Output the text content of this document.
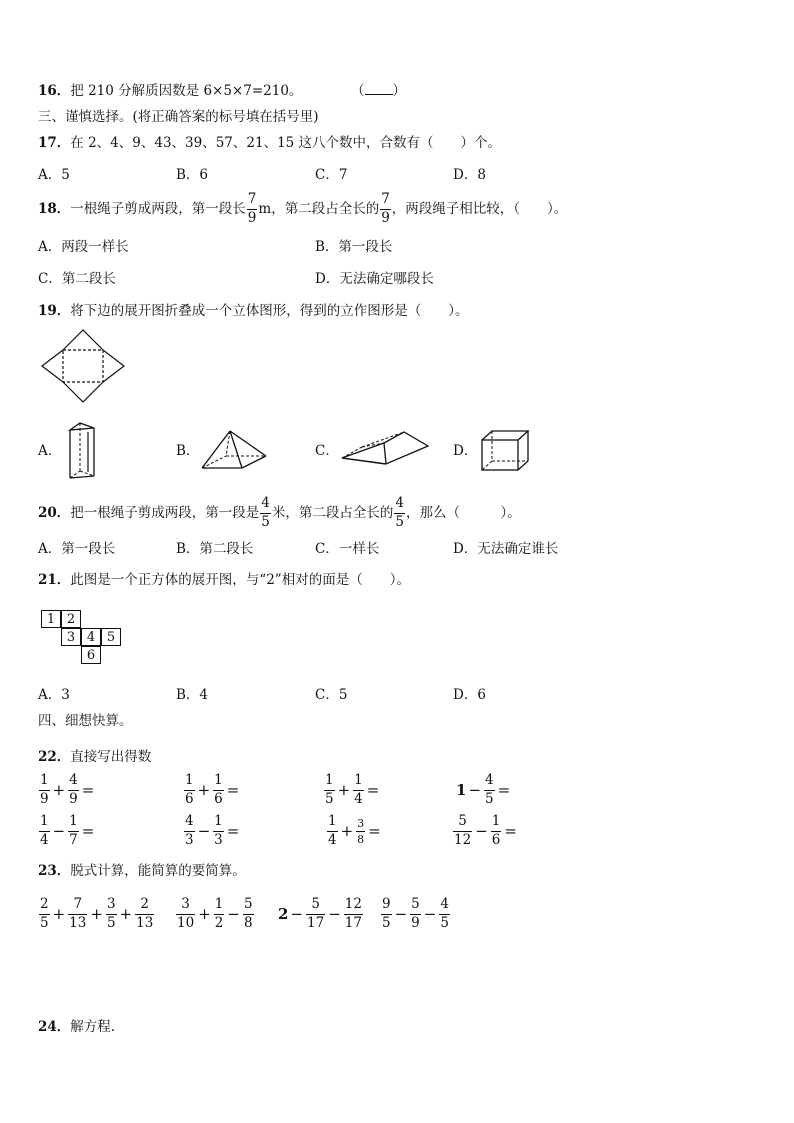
16．把 210 分解质因数是 6×5×7=210。	（ ）
三、谨慎选择。(将正确答案的标号填在括号里)
17．在 2、4、9、43、39、57、21、15 这八个数中，合数有（　　）个。
A．5	B．6	C．7	D．8
18． 一根绳子剪成两段，第一段长 $\frac{7}{9}$ m，第二段占全长的 $\frac{7}{9}$ ，两段绳子相比较，（　　）。
A．两段一样长	B．第一段长
C．第二段长	D．无法确定哪段长
19．将下边的展开图折叠成一个立体图形，得到的立作图形是（　　）。
A．	B．	C．	D．
20． 把一根绳子剪成两段，第一段是 $\frac{4}{5}$ 米，第二段占全长的 $\frac{4}{5}$ ，那么（　　　）。
A．第一段长	B．第二段长	C．一样长	D．无法确定谁长
21．此图是一个正方体的展开图，与“2”相对的面是（　　）。
1 2
3 4 5
6
A．3	B．4	C．5	D．6
四、细想快算。
22．直接写出得数
$\frac{1}{9} + \frac{4}{9}$ =	$\frac{1}{6} + \frac{1}{6}$ =	$\frac{1}{5} + \frac{1}{4}$ =	$1 - \frac{4}{5}$ =
$\frac{1}{4} - \frac{1}{7}$ =	$\frac{4}{3} - \frac{1}{3}$ =	$\frac{1}{4} + \frac{3}{8}$ =	$\frac{5}{12} - \frac{1}{6}$ =
23．脱式计算，能简算的要简算。
$\frac{2}{5} + \frac{7}{13} + \frac{3}{5} + \frac{2}{13} \frac{3}{10} + \frac{1}{2} - \frac{5}{8} 2 - \frac{5}{17} - \frac{12}{17} \frac{9}{5} - \frac{5}{9} - \frac{4}{5}$
24．解方程.
